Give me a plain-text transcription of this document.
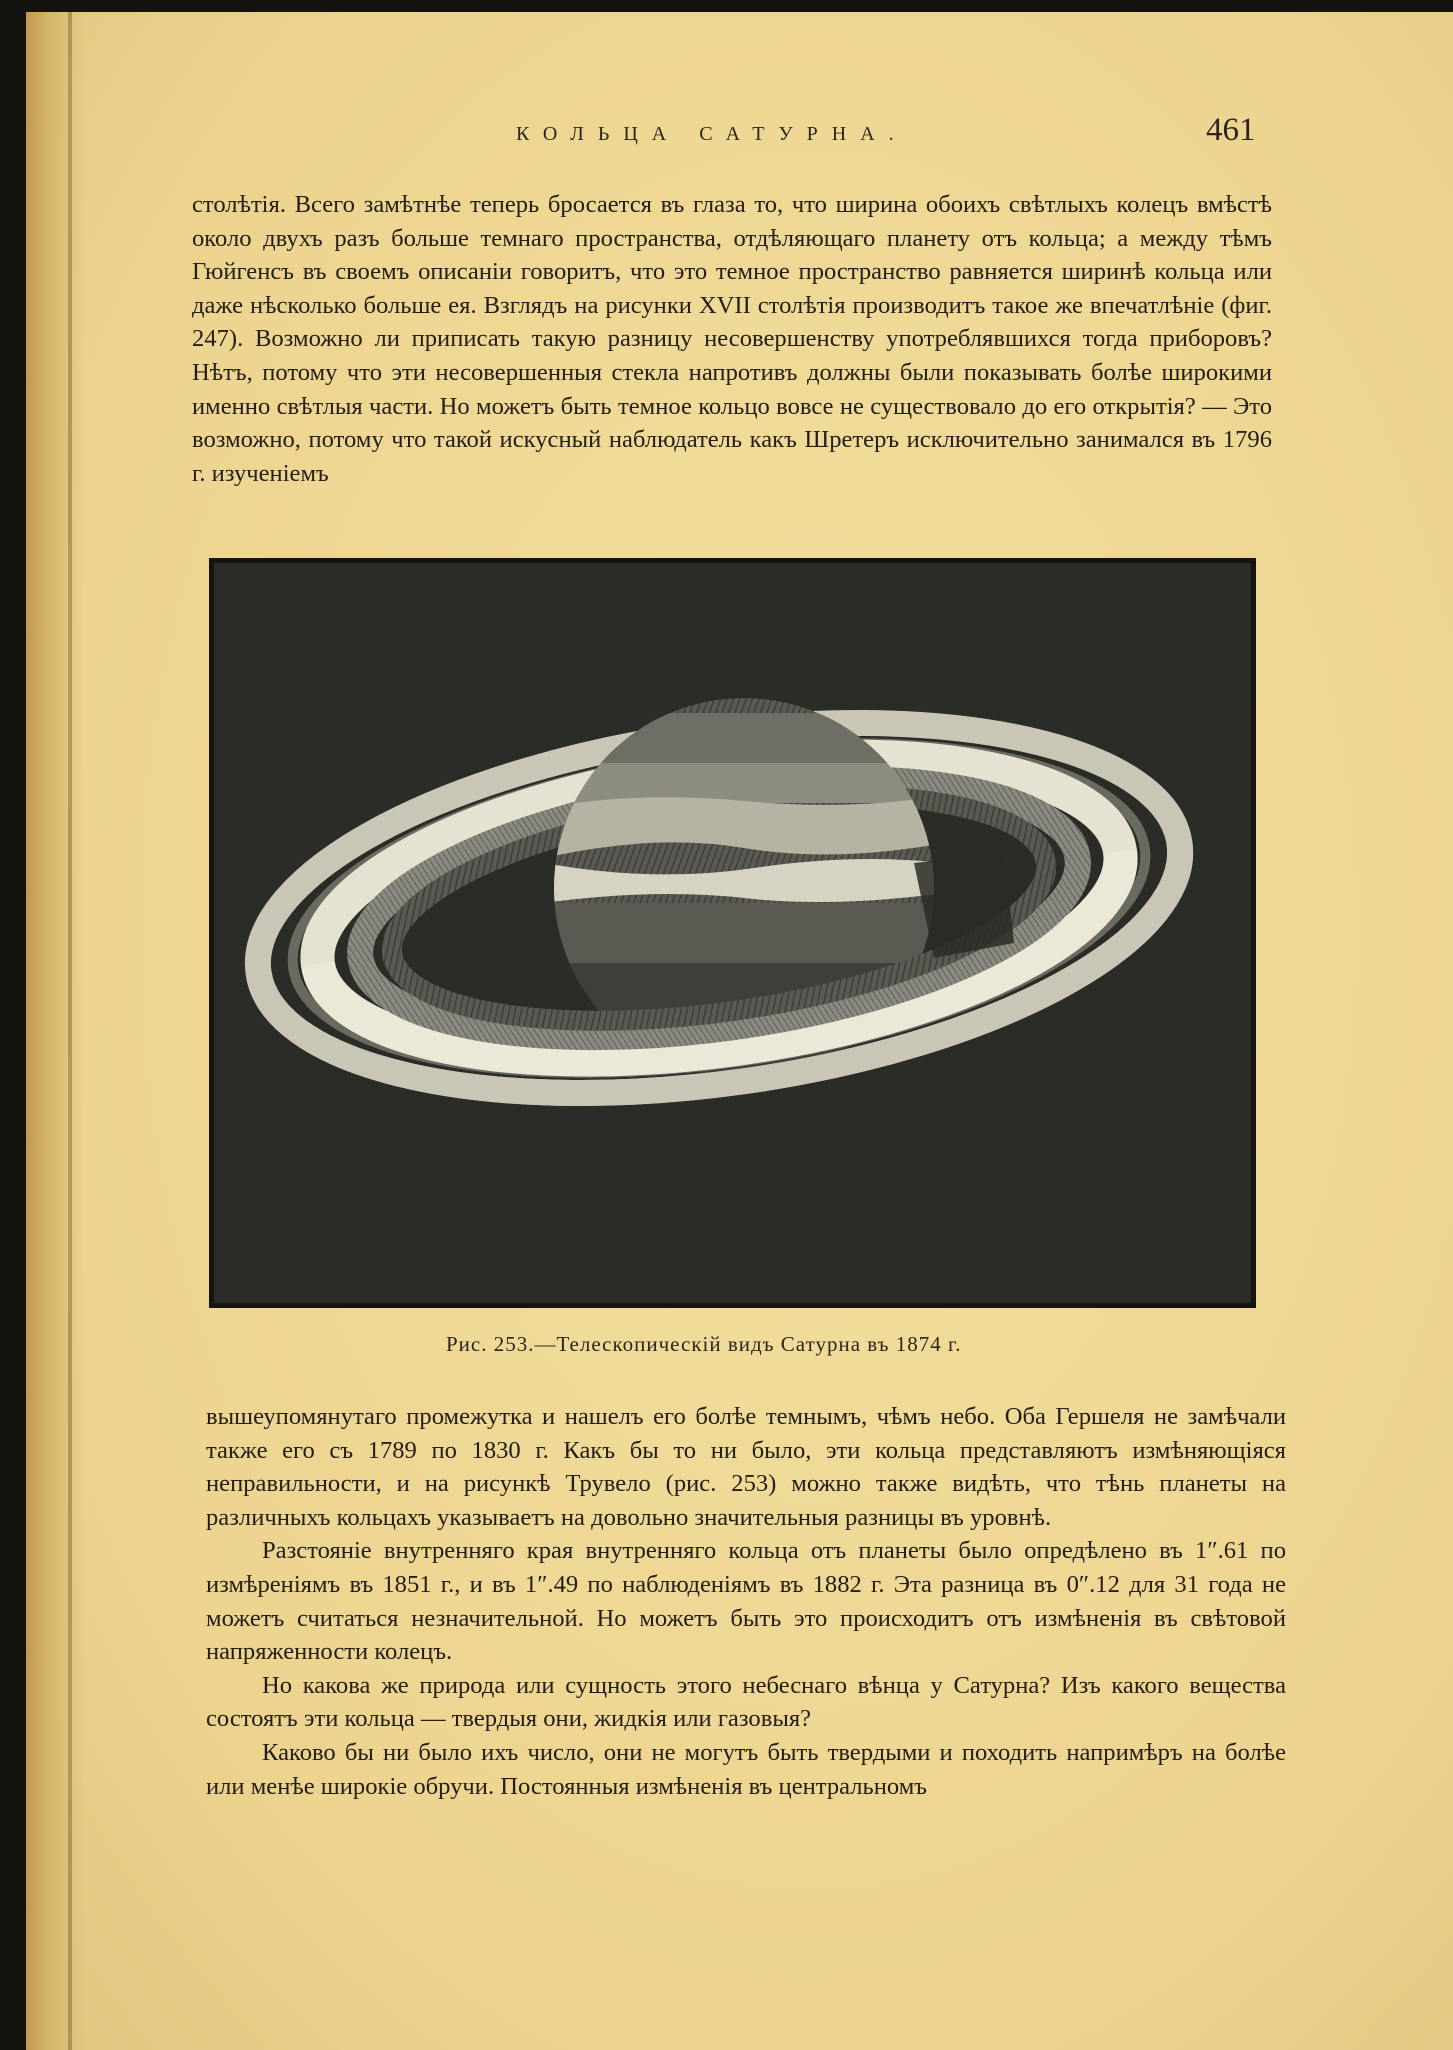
КОЛЬЦА САТУРНА.	461

столѣтія. Всего замѣтнѣе теперь бросается въ глаза то, что ширина обоихъ свѣтлыхъ колецъ вмѣстѣ около двухъ разъ больше темнаго пространства, отдѣляющаго планету отъ кольца; а между тѣмъ Гюйгенсъ въ своемъ описаніи говоритъ, что это темное пространство равняется ширинѣ кольца или даже нѣсколько больше ея. Взглядъ на рисунки XVII столѣтія производитъ такое же впечатлѣніе (фиг. 247). Возможно ли приписать такую разницу несовершенству употреблявшихся тогда приборовъ? Нѣтъ, потому что эти несовершенныя стекла напротивъ должны были показывать болѣе широкими именно свѣтлыя части. Но можетъ быть темное кольцо вовсе не существовало до его открытія? — Это возможно, потому что такой искусный наблюдатель какъ Шретеръ исключительно занимался въ 1796 г. изученіемъ

Рис. 253.—Телескопическій видъ Сатурна въ 1874 г.

вышеупомянутаго промежутка и нашелъ его болѣе темнымъ, чѣмъ небо. Оба Гершеля не замѣчали также его съ 1789 по 1830 г. Какъ бы то ни было, эти кольца представляютъ измѣняющіяся неправильности, и на рисункѣ Трувело (рис. 253) можно также видѣть, что тѣнь планеты на различныхъ кольцахъ указываетъ на довольно значительныя разницы въ уровнѣ.

Разстояніе внутренняго края внутренняго кольца отъ планеты было опредѣлено въ 1″.61 по измѣреніямъ въ 1851 г., и въ 1″.49 по наблюденіямъ въ 1882 г. Эта разница въ 0″.12 для 31 года не можетъ считаться незначительной. Но можетъ быть это происходитъ отъ измѣненія въ свѣтовой напряженности колецъ.

Но какова же природа или сущность этого небеснаго вѣнца у Сатурна? Изъ какого вещества состоятъ эти кольца — твердыя они, жидкія или газовыя?

Каково бы ни было ихъ число, они не могутъ быть твердыми и походить напримѣръ на болѣе или менѣе широкіе обручи. Постоянныя измѣненія въ центральномъ
